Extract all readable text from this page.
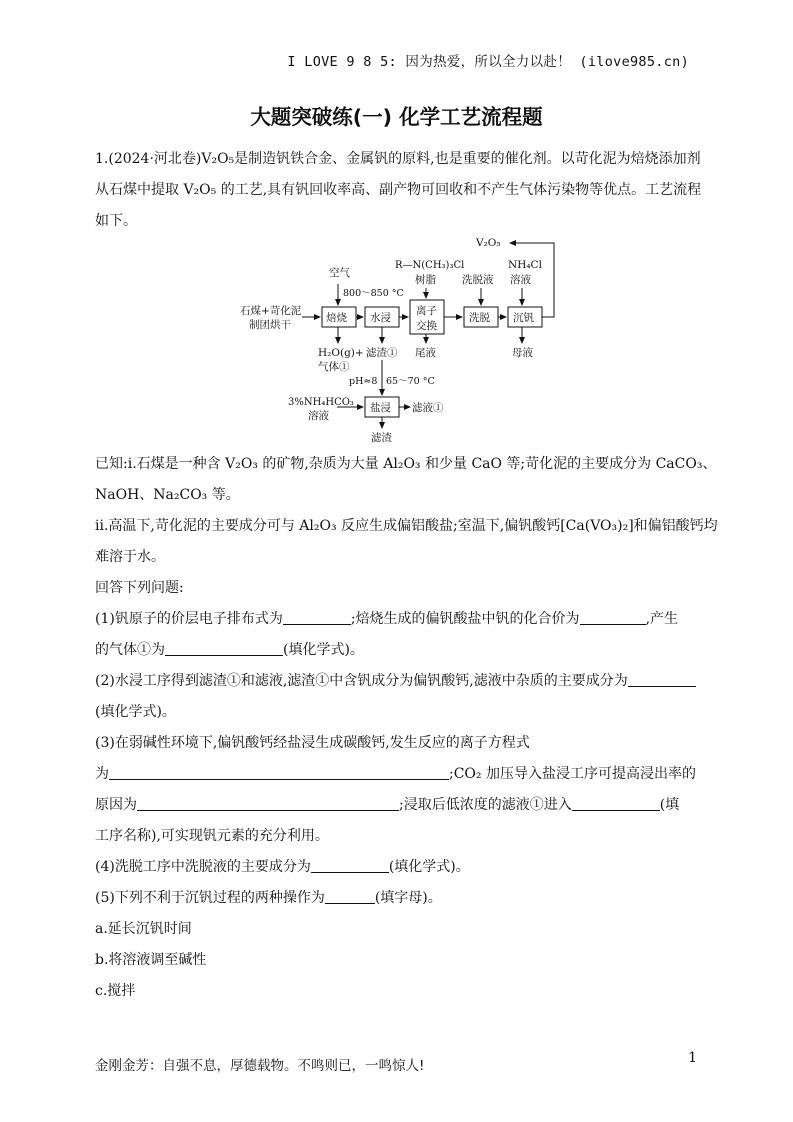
I LOVE 9 8 5: 因为热爱，所以全力以赴！ (ilove985.cn)
大题突破练(一) 化学工艺流程题
1.(2024·河北卷)V₂O₅是制造钒铁合金、金属钒的原料,也是重要的催化剂。以苛化泥为焙烧添加剂
从石煤中提取 V₂O₅ 的工艺,具有钒回收率高、副产物可回收和不产生气体污染物等优点。工艺流程
如下。
V₂O₅
空气
800～850 °C
石煤+苛化泥
制团烘干
R—N(CH₃)₃Cl
树脂 洗脱液
NH₄Cl
溶液
焙烧 水浸
离子
交换
洗脱 沉钒
H₂O(g)+
气体①
滤渣① 尾液	母液
pH≈8 65～70 °C
3%NH₄HCO₃
溶液
盐浸 滤液①
滤渣
已知:i.石煤是一种含 V₂O₃ 的矿物,杂质为大量 Al₂O₃ 和少量 CaO 等;苛化泥的主要成分为 CaCO₃、
NaOH、Na₂CO₃ 等。
ii.高温下,苛化泥的主要成分可与 Al₂O₃ 反应生成偏铝酸盐;室温下,偏钒酸钙[Ca(VO₃)₂]和偏铝酸钙均
难溶于水。
回答下列问题:
(1)钒原子的价层电子排布式为	;焙烧生成的偏钒酸盐中钒的化合价为	,产生
的气体①为	(填化学式)。
(2)水浸工序得到滤渣①和滤液,滤渣①中含钒成分为偏钒酸钙,滤液中杂质的主要成分为
(填化学式)。
(3)在弱碱性环境下,偏钒酸钙经盐浸生成碳酸钙,发生反应的离子方程式
为	;CO₂ 加压导入盐浸工序可提高浸出率的
原因为	;浸取后低浓度的滤液①进入	(填
工序名称),可实现钒元素的充分利用。
(4)洗脱工序中洗脱液的主要成分为	(填化学式)。
(5)下列不利于沉钒过程的两种操作为	(填字母)。
a.延长沉钒时间
b.将溶液调至碱性
c.搅拌
金刚金芳：自强不息，厚德载物。不鸣则已，一鸣惊人!	1
